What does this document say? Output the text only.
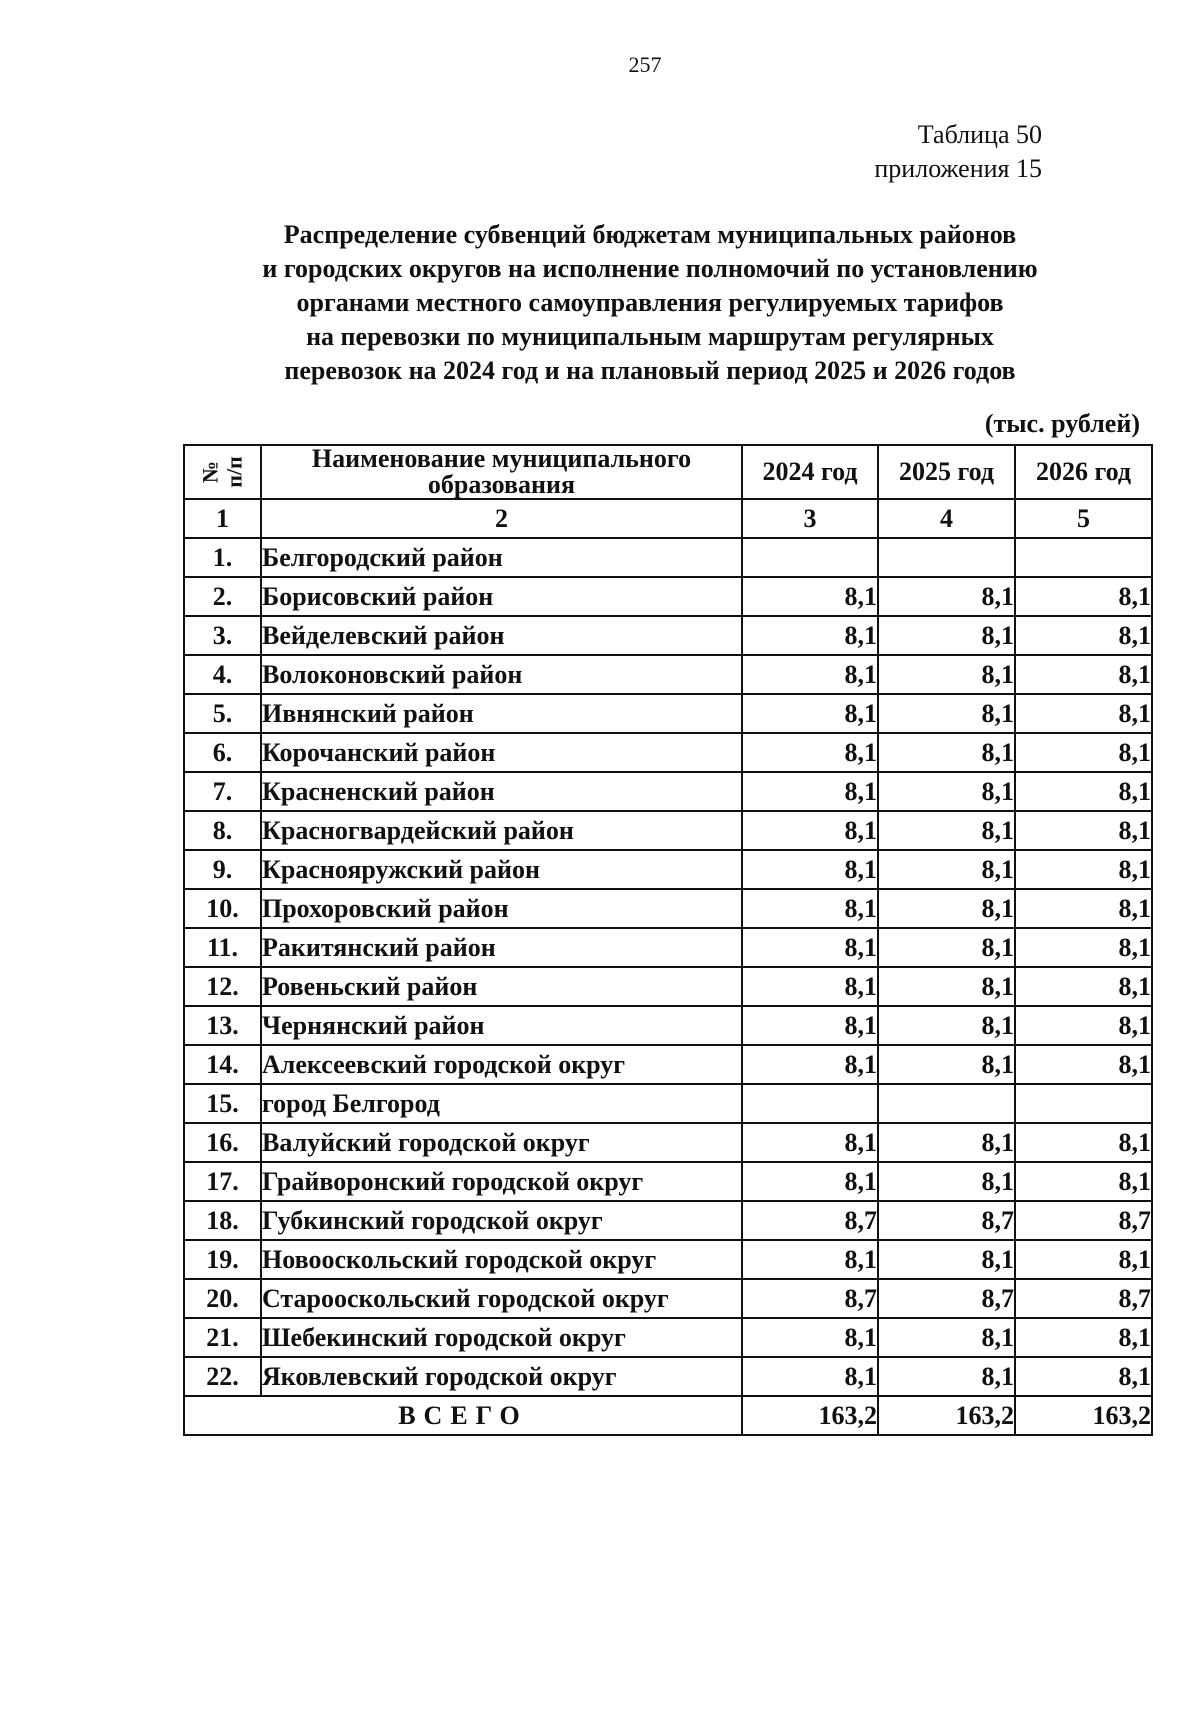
257
Таблица 50
приложения 15
Распределение субвенций бюджетам муниципальных районов
и городских округов на исполнение полномочий по установлению
органами местного самоуправления регулируемых тарифов
на перевозки по муниципальным маршрутам регулярных
перевозок на 2024 год и на плановый период 2025 и 2026 годов
(тыс. рублей)
№
п/п	Наименование муниципального образования	2024 год	2025 год	2026 год
1	2	3	4	5
1.	Белгородский район			
2.	Борисовский район	8,1	8,1	8,1
3.	Вейделевский район	8,1	8,1	8,1
4.	Волоконовский район	8,1	8,1	8,1
5.	Ивнянский район	8,1	8,1	8,1
6.	Корочанский район	8,1	8,1	8,1
7.	Красненский район	8,1	8,1	8,1
8.	Красногвардейский район	8,1	8,1	8,1
9.	Краснояружский район	8,1	8,1	8,1
10.	Прохоровский район	8,1	8,1	8,1
11.	Ракитянский район	8,1	8,1	8,1
12.	Ровеньский район	8,1	8,1	8,1
13.	Чернянский район	8,1	8,1	8,1
14.	Алексеевский городской округ	8,1	8,1	8,1
15.	город Белгород			
16.	Валуйский городской округ	8,1	8,1	8,1
17.	Грайворонский городской округ	8,1	8,1	8,1
18.	Губкинский городской округ	8,7	8,7	8,7
19.	Новооскольский городской округ	8,1	8,1	8,1
20.	Старооскольский городской округ	8,7	8,7	8,7
21.	Шебекинский городской округ	8,1	8,1	8,1
22.	Яковлевский городской округ	8,1	8,1	8,1
ВСЕГО		163,2	163,2	163,2
